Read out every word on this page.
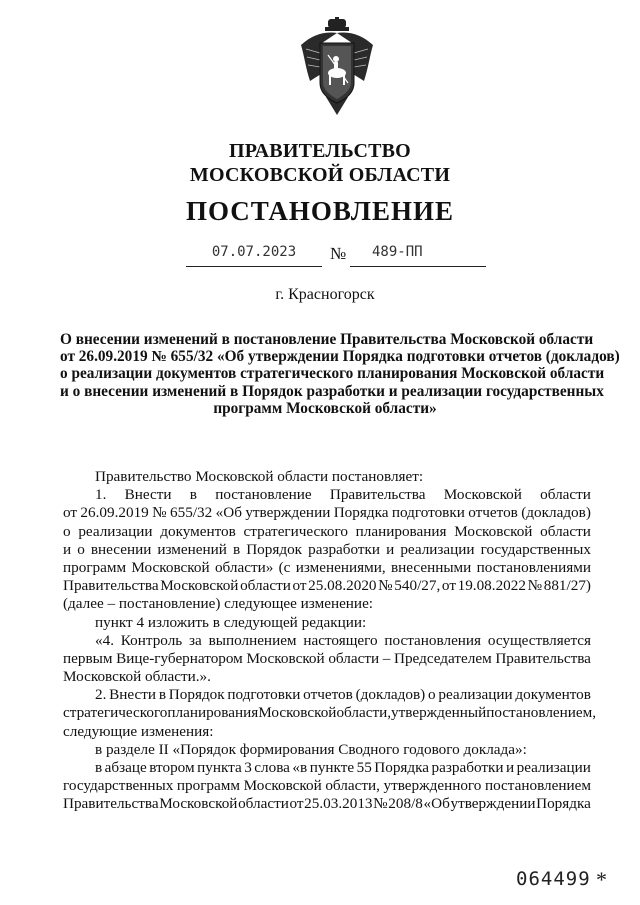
ПРАВИТЕЛЬСТВО
МОСКОВСКОЙ ОБЛАСТИ
ПОСТАНОВЛЕНИЕ
07.07.2023	№	489-ПП
г. Красногорск
О внесении изменений в постановление Правительства Московской области
от 26.09.2019 № 655/32 «Об утверждении Порядка подготовки отчетов (докладов)
о реализации документов стратегического планирования Московской области
и о внесении изменений в Порядок разработки и реализации государственных
программ Московской области»
Правительство Московской области постановляет:
1. Внести в постановление Правительства Московской области
от 26.09.2019 № 655/32 «Об утверждении Порядка подготовки отчетов (докладов)
о реализации документов стратегического планирования Московской области
и о внесении изменений в Порядок разработки и реализации государственных
программ Московской области» (с изменениями, внесенными постановлениями
Правительства Московской области от 25.08.2020 № 540/27, от 19.08.2022 № 881/27)
(далее – постановление) следующее изменение:
пункт 4 изложить в следующей редакции:
«4. Контроль за выполнением настоящего постановления осуществляется
первым Вице-губернатором Московской области – Председателем Правительства
Московской области.».
2. Внести в Порядок подготовки отчетов (докладов) о реализации документов
стратегического планирования Московской области, утвержденный постановлением,
следующие изменения:
в разделе II «Порядок формирования Сводного годового доклада»:
в абзаце втором пункта 3 слова «в пункте 55 Порядка разработки и реализации
государственных программ Московской области, утвержденного постановлением
Правительства Московской области от 25.03.2013 № 208/8 «Об утверждении Порядка
064499 *
